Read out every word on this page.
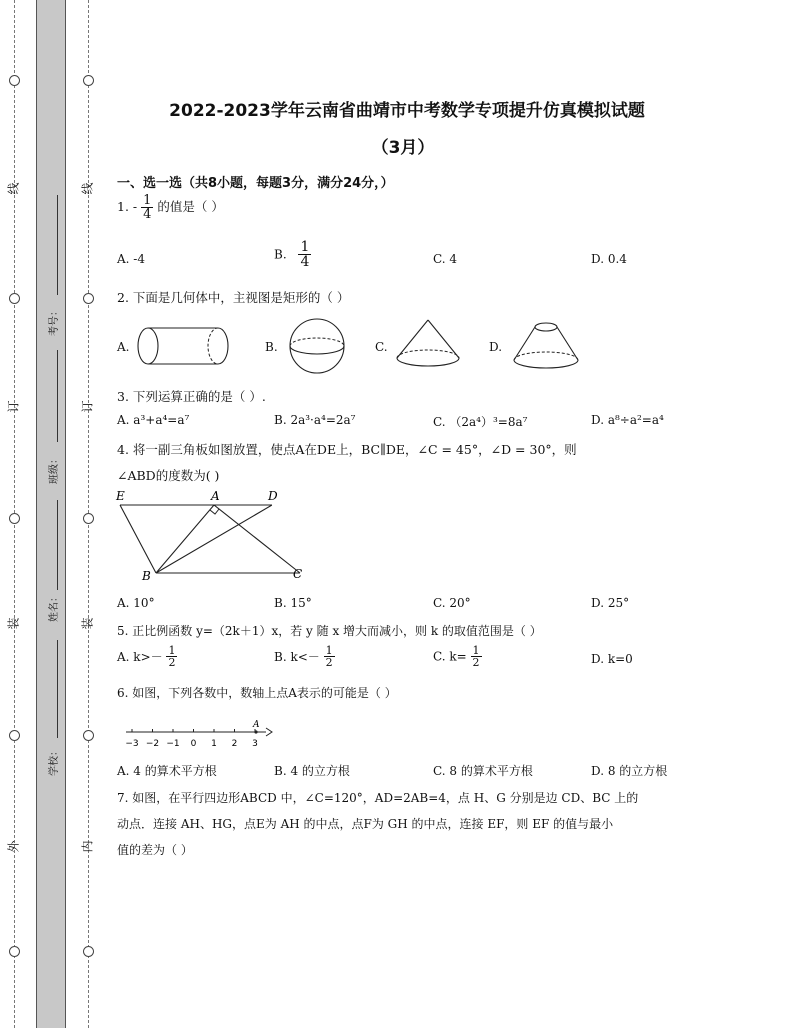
线
订
装
外
线
订
装
内
考号：
班级：
姓名：
学校：
2022-2023学年云南省曲靖市中考数学专项提升仿真模拟试题
（3月）
一、选一选（共8小题，每题3分，满分24分，）
1. - $\frac{1}{4}$ 的值是（ ）
A. -4	B. $\frac{1}{4}$	C. 4	D. 0.4
2. 下面是几何体中，主视图是矩形的（ ）
A.	B.	C.	D.
3. 下列运算正确的是（ ）.
A. a³+a⁴=a⁷	B. 2a³·a⁴=2a⁷	C. （2a⁴）³=8a⁷	D. a⁸÷a²=a⁴
4. 将一副三角板如图放置，使点A在DE上，BC∥DE，∠C = 45°，∠D = 30°，则
∠ABD的度数为( )
E	A	D
B	C
A. 10°	B. 15°	C. 20°	D. 25°
5. 正比例函数 y=（2k＋1）x，若 y 随 x 增大而减小，则 k 的取值范围是（ ）
A. $k>- \frac{1}{2}$	B. $k<- \frac{1}{2}$	C. $k= \frac{1}{2}$	D. k=0
6. 如图，下列各数中，数轴上点A表示的可能是（ ）
−3 −2 −1 0 1 2 3
A
A. 4 的算术平方根	B. 4 的立方根	C. 8 的算术平方根	D. 8 的立方根
7. 如图，在平行四边形ABCD 中，∠C=120°，AD=2AB=4，点 H、G 分别是边 CD、BC 上的
动点．连接 AH、HG，点E为 AH 的中点，点F为 GH 的中点，连接 EF，则 EF 的值与最小
值的差为（ ）
